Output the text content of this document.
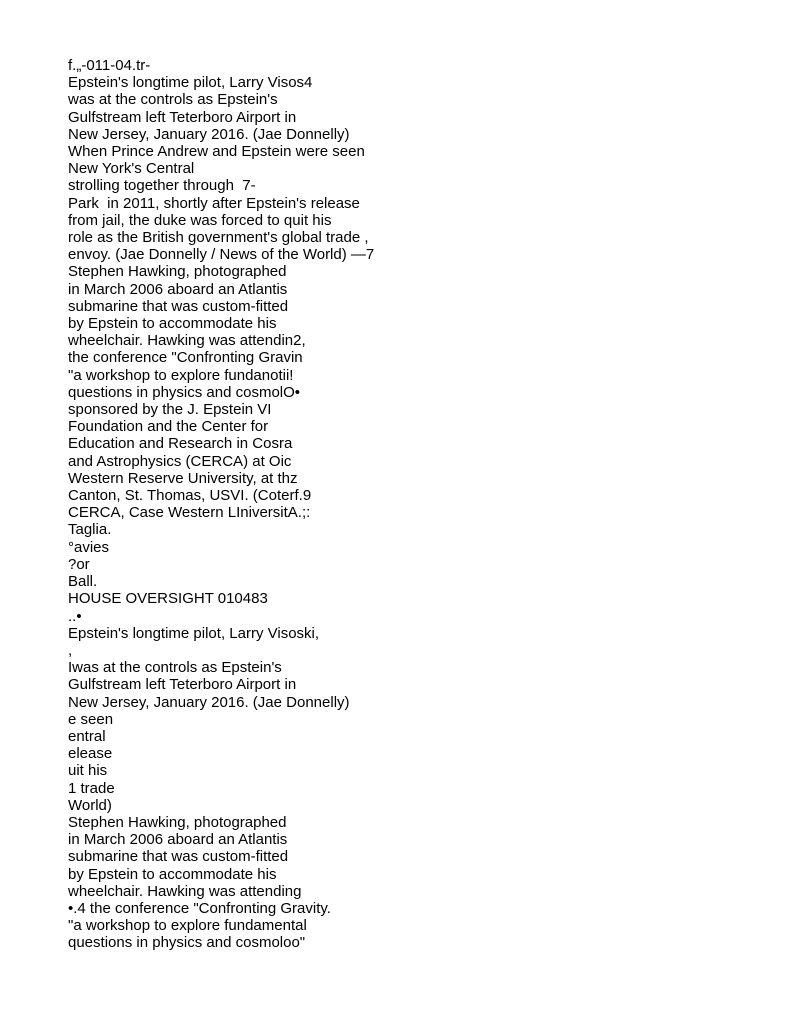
f.„-011-04.tr-
Epstein's longtime pilot, Larry Visos4
was at the controls as Epstein's
Gulfstream left Teterboro Airport in
New Jersey, January 2016. (Jae Donnelly)
When Prince Andrew and Epstein were seen
New York's Central
strolling together through  7-
Park  in 2011, shortly after Epstein's release
from jail, the duke was forced to quit his
role as the British government's global trade ,
envoy. (Jae Donnelly / News of the World) —7
Stephen Hawking, photographed
in March 2006 aboard an Atlantis
submarine that was custom-fitted
by Epstein to accommodate his
wheelchair. Hawking was attendin2,
the conference "Confronting Gravin
"a workshop to explore fundanotii!
questions in physics and cosmolO•
sponsored by the J. Epstein VI
Foundation and the Center for
Education and Research in Cosra
and Astrophysics (CERCA) at Oic
Western Reserve University, at thz
Canton, St. Thomas, USVI. (Coterf.9
CERCA, Case Western LIniversitA.;:
Taglia.
°avies
?or
Ball.
HOUSE OVERSIGHT 010483
..•
Epstein's longtime pilot, Larry Visoski,
,
Iwas at the controls as Epstein's
Gulfstream left Teterboro Airport in
New Jersey, January 2016. (Jae Donnelly)
e seen
entral
elease
uit his
1 trade
World)
Stephen Hawking, photographed
in March 2006 aboard an Atlantis
submarine that was custom-fitted
by Epstein to accommodate his
wheelchair. Hawking was attending
•.4 the conference "Confronting Gravity.
"a workshop to explore fundamental
questions in physics and cosmoloo"
